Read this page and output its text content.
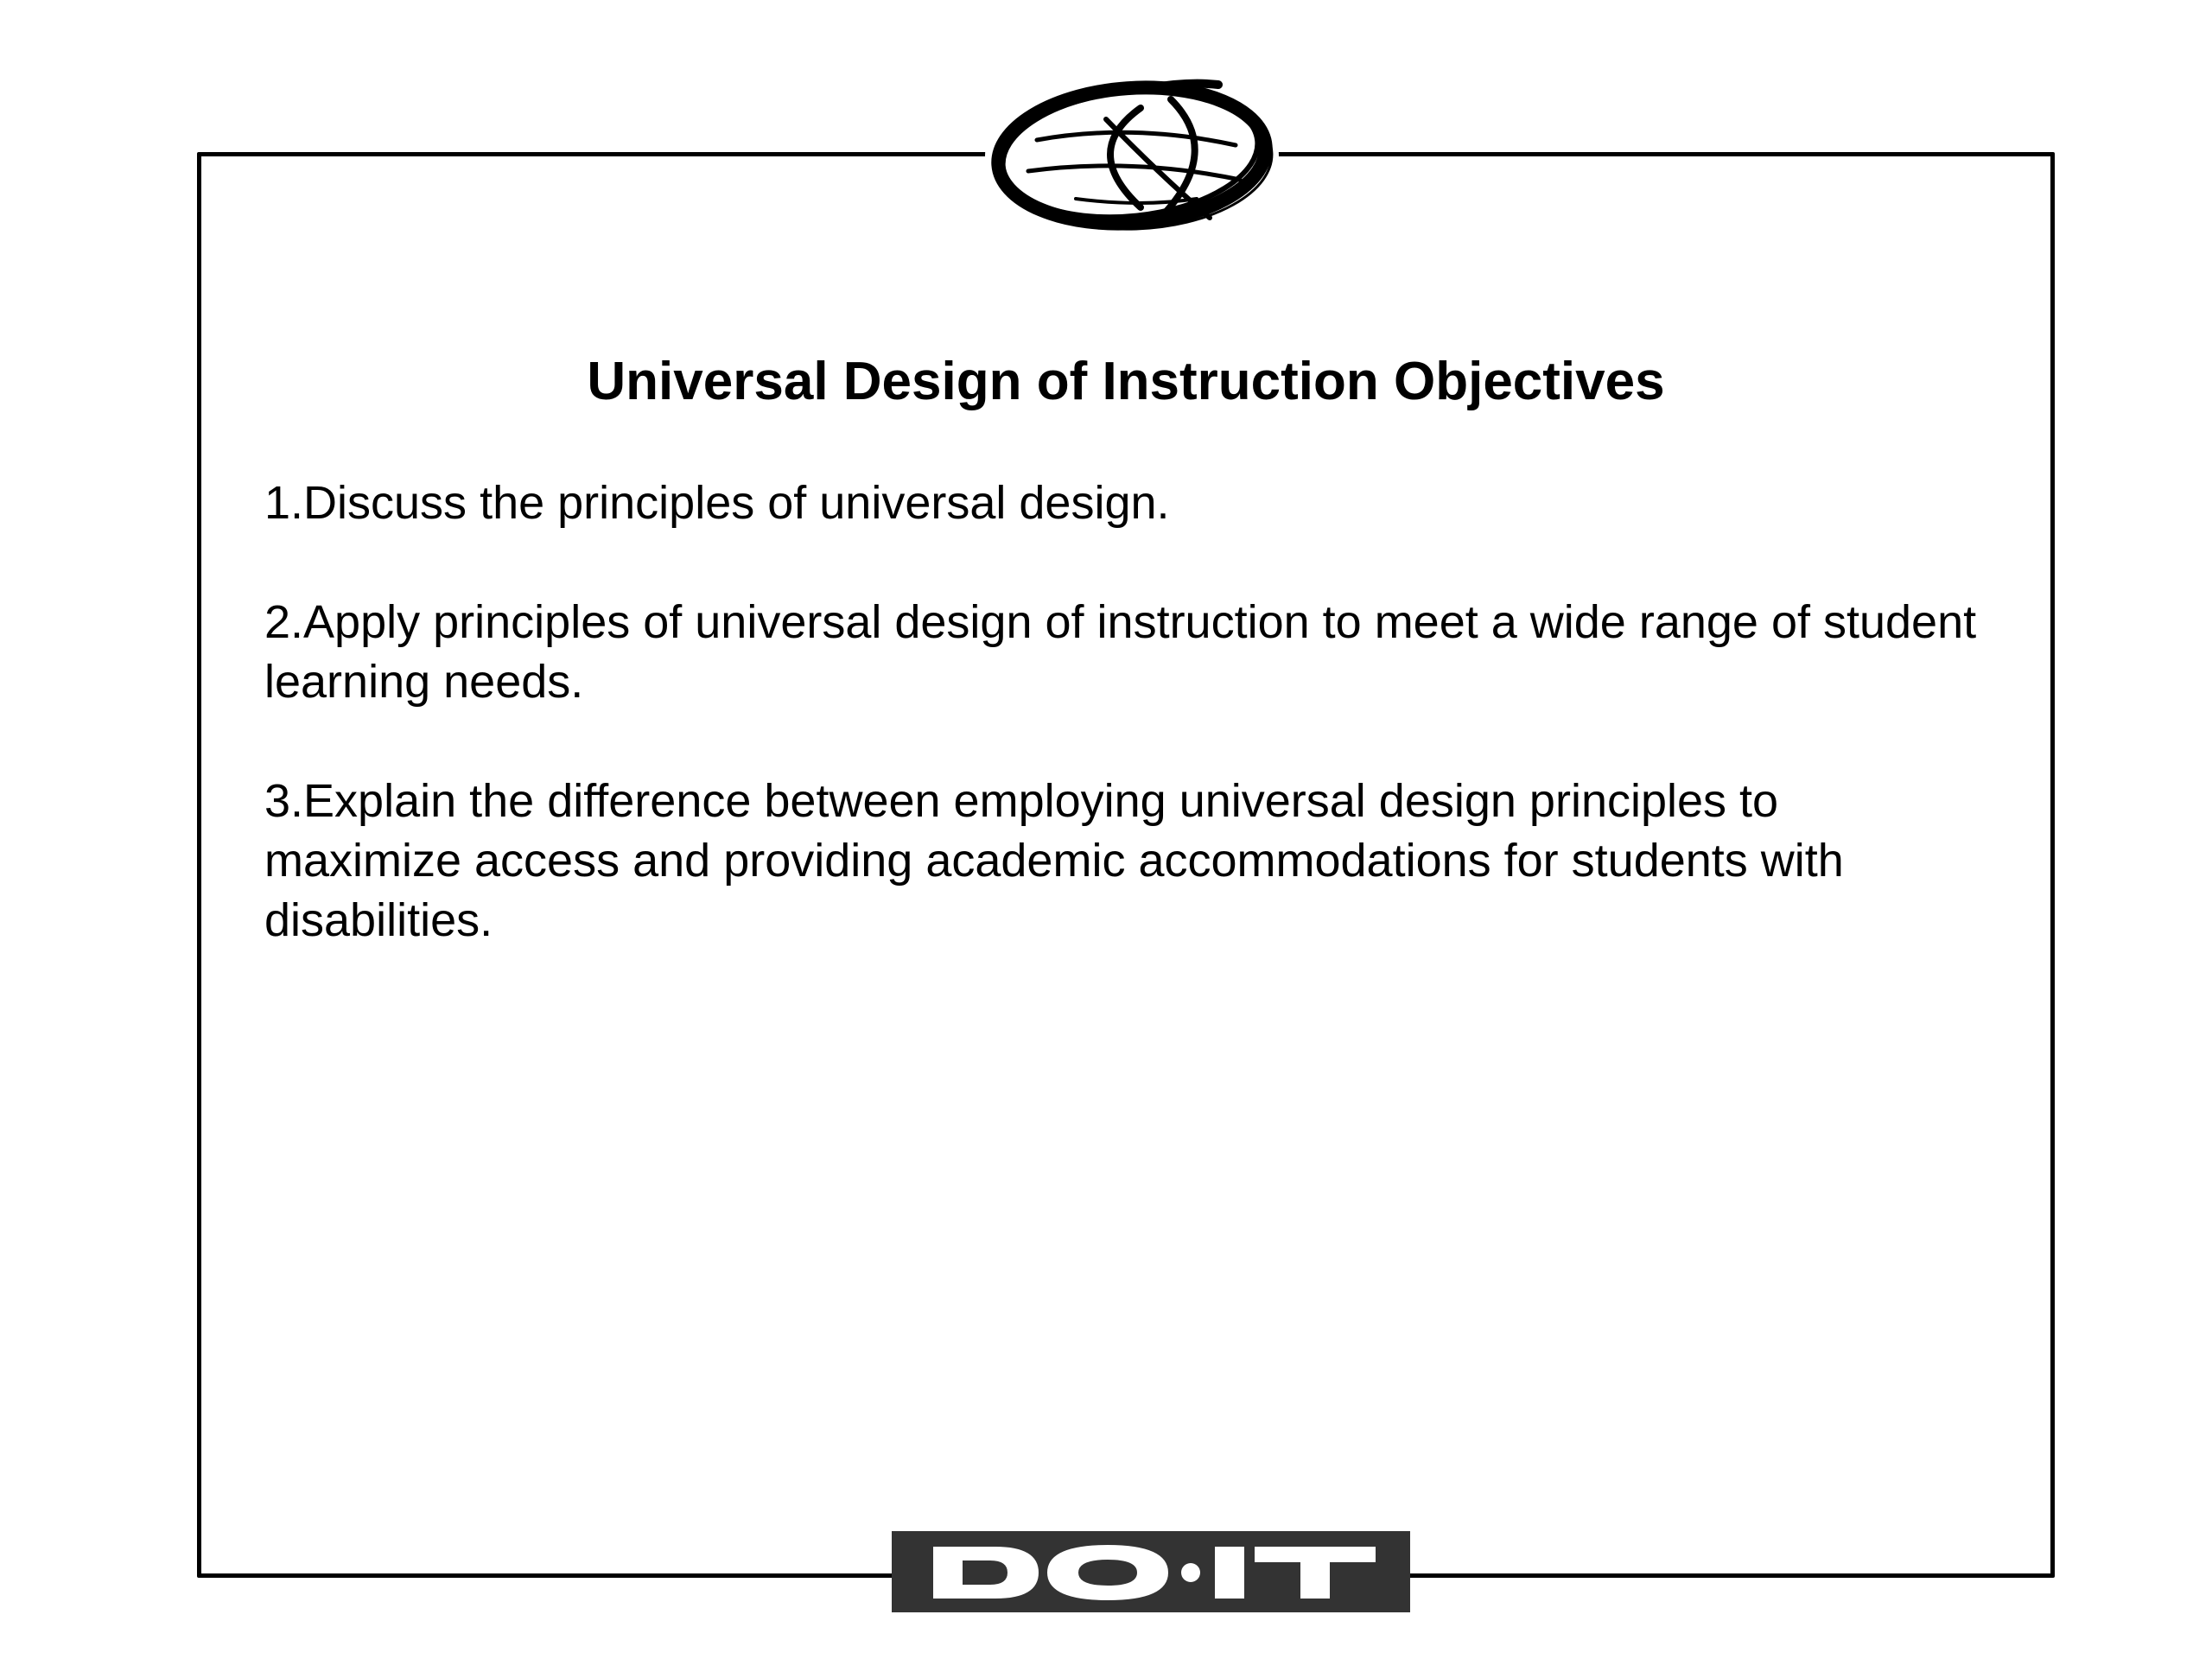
Universal Design of Instruction Objectives
1.Discuss the principles of universal design.
2.Apply principles of universal design of instruction to meet a wide range of student learning needs.
3.Explain the difference between employing universal design principles to maximize access and providing academic accommodations for students with disabilities.
